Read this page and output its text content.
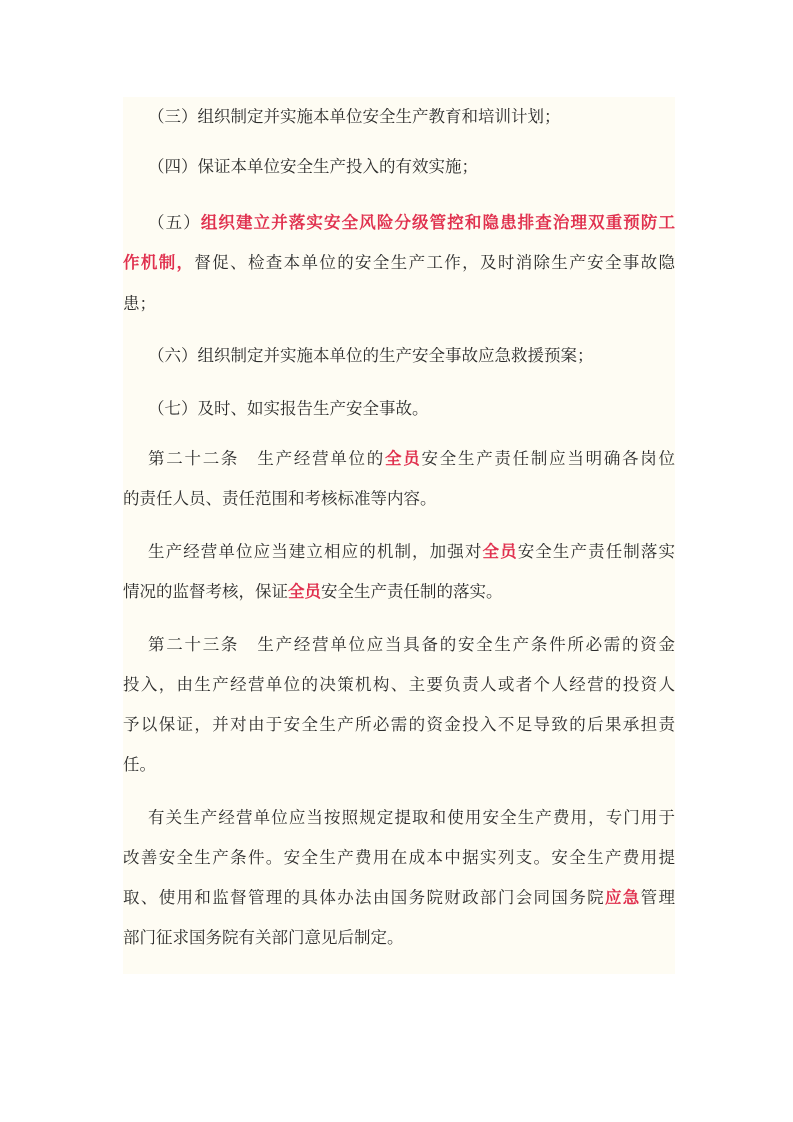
（三）组织制定并实施本单位安全生产教育和培训计划；
（四）保证本单位安全生产投入的有效实施；
（五）组织建立并落实安全风险分级管控和隐患排查治理双重预防工
作机制，督促、检查本单位的安全生产工作，及时消除生产安全事故隐
患；
（六）组织制定并实施本单位的生产安全事故应急救援预案；
（七）及时、如实报告生产安全事故。
第二十二条　生产经营单位的全员安全生产责任制应当明确各岗位
的责任人员、责任范围和考核标准等内容。
生产经营单位应当建立相应的机制，加强对全员安全生产责任制落实
情况的监督考核，保证全员安全生产责任制的落实。
第二十三条　生产经营单位应当具备的安全生产条件所必需的资金
投入，由生产经营单位的决策机构、主要负责人或者个人经营的投资人
予以保证，并对由于安全生产所必需的资金投入不足导致的后果承担责
任。
有关生产经营单位应当按照规定提取和使用安全生产费用，专门用于
改善安全生产条件。安全生产费用在成本中据实列支。安全生产费用提
取、使用和监督管理的具体办法由国务院财政部门会同国务院应急管理
部门征求国务院有关部门意见后制定。
